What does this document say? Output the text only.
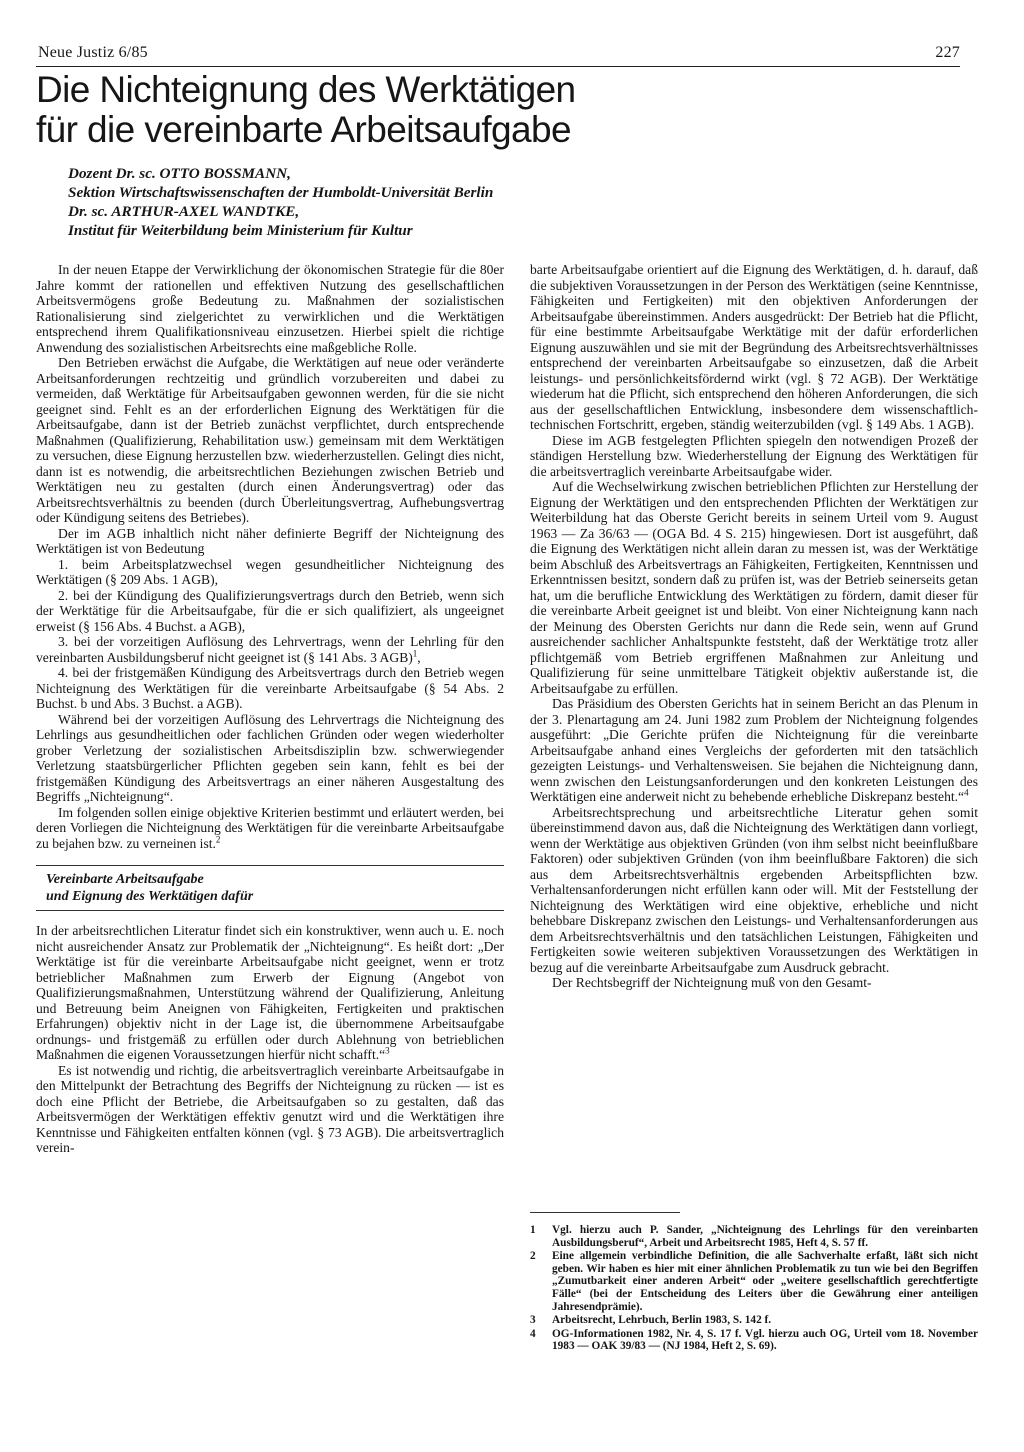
Neue Justiz 6/85	227
Die Nichteignung des Werktätigen
für die vereinbarte Arbeitsaufgabe
Dozent Dr. sc. OTTO BOSSMANN,
Sektion Wirtschaftswissenschaften der Humboldt-Universität Berlin
Dr. sc. ARTHUR-AXEL WANDTKE,
Institut für Weiterbildung beim Ministerium für Kultur

In der neuen Etappe der Verwirklichung der ökonomischen Strategie für die 80er Jahre kommt der rationellen und effektiven Nutzung des gesellschaftlichen Arbeitsvermögens große Bedeutung zu. Maßnahmen der sozialistischen Rationalisierung sind zielgerichtet zu verwirklichen und die Werktätigen entsprechend ihrem Qualifikationsniveau einzusetzen. Hierbei spielt die richtige Anwendung des sozialistischen Arbeitsrechts eine maßgebliche Rolle.

Den Betrieben erwächst die Aufgabe, die Werktätigen auf neue oder veränderte Arbeitsanforderungen rechtzeitig und gründlich vorzubereiten und dabei zu vermeiden, daß Werktätige für Arbeitsaufgaben gewonnen werden, für die sie nicht geeignet sind. Fehlt es an der erforderlichen Eignung des Werktätigen für die Arbeitsaufgabe, dann ist der Betrieb zunächst verpflichtet, durch entsprechende Maßnahmen (Qualifizierung, Rehabilitation usw.) gemeinsam mit dem Werktätigen zu versuchen, diese Eignung herzustellen bzw. wiederherzustellen. Gelingt dies nicht, dann ist es notwendig, die arbeitsrechtlichen Beziehungen zwischen Betrieb und Werktätigen neu zu gestalten (durch einen Änderungsvertrag) oder das Arbeitsrechtsverhältnis zu beenden (durch Überleitungsvertrag, Aufhebungsvertrag oder Kündigung seitens des Betriebes).

Der im AGB inhaltlich nicht näher definierte Begriff der Nichteignung des Werktätigen ist von Bedeutung

1. beim Arbeitsplatzwechsel wegen gesundheitlicher Nichteignung des Werktätigen (§ 209 Abs. 1 AGB),

2. bei der Kündigung des Qualifizierungsvertrags durch den Betrieb, wenn sich der Werktätige für die Arbeitsaufgabe, für die er sich qualifiziert, als ungeeignet erweist (§ 156 Abs. 4 Buchst. a AGB),

3. bei der vorzeitigen Auflösung des Lehrvertrags, wenn der Lehrling für den vereinbarten Ausbildungsberuf nicht geeignet ist (§ 141 Abs. 3 AGB)$^1$,

4. bei der fristgemäßen Kündigung des Arbeitsvertrags durch den Betrieb wegen Nichteignung des Werktätigen für die vereinbarte Arbeitsaufgabe (§ 54 Abs. 2 Buchst. b und Abs. 3 Buchst. a AGB).

Während bei der vorzeitigen Auflösung des Lehrvertrags die Nichteignung des Lehrlings aus gesundheitlichen oder fachlichen Gründen oder wegen wiederholter grober Verletzung der sozialistischen Arbeitsdisziplin bzw. schwerwiegender Verletzung staatsbürgerlicher Pflichten gegeben sein kann, fehlt es bei der fristgemäßen Kündigung des Arbeitsvertrags an einer näheren Ausgestaltung des Begriffs „Nichteignung“.

Im folgenden sollen einige objektive Kriterien bestimmt und erläutert werden, bei deren Vorliegen die Nichteignung des Werktätigen für die vereinbarte Arbeitsaufgabe zu bejahen bzw. zu verneinen ist.$^2$

Vereinbarte Arbeitsaufgabe
und Eignung des Werktätigen dafür

In der arbeitsrechtlichen Literatur findet sich ein konstruktiver, wenn auch u. E. noch nicht ausreichender Ansatz zur Problematik der „Nichteignung“. Es heißt dort: „Der Werktätige ist für die vereinbarte Arbeitsaufgabe nicht geeignet, wenn er trotz betrieblicher Maßnahmen zum Erwerb der Eignung (Angebot von Qualifizierungsmaßnahmen, Unterstützung während der Qualifizierung, Anleitung und Betreuung beim Aneignen von Fähigkeiten, Fertigkeiten und praktischen Erfahrungen) objektiv nicht in der Lage ist, die übernommene Arbeitsaufgabe ordnungs- und fristgemäß zu erfüllen oder durch Ablehnung von betrieblichen Maßnahmen die eigenen Voraussetzungen hierfür nicht schafft.“$^3$

Es ist notwendig und richtig, die arbeitsvertraglich vereinbarte Arbeitsaufgabe in den Mittelpunkt der Betrachtung des Begriffs der Nichteignung zu rücken — ist es doch eine Pflicht der Betriebe, die Arbeitsaufgaben so zu gestalten, daß das Arbeitsvermögen der Werktätigen effektiv genutzt wird und die Werktätigen ihre Kenntnisse und Fähigkeiten entfalten können (vgl. § 73 AGB). Die arbeitsvertraglich verein-

barte Arbeitsaufgabe orientiert auf die Eignung des Werktätigen, d. h. darauf, daß die subjektiven Voraussetzungen in der Person des Werktätigen (seine Kenntnisse, Fähigkeiten und Fertigkeiten) mit den objektiven Anforderungen der Arbeitsaufgabe übereinstimmen. Anders ausgedrückt: Der Betrieb hat die Pflicht, für eine bestimmte Arbeitsaufgabe Werktätige mit der dafür erforderlichen Eignung auszuwählen und sie mit der Begründung des Arbeitsrechtsverhältnisses entsprechend der vereinbarten Arbeitsaufgabe so einzusetzen, daß die Arbeit leistungs- und persönlichkeitsfördernd wirkt (vgl. § 72 AGB). Der Werktätige wiederum hat die Pflicht, sich entsprechend den höheren Anforderungen, die sich aus der gesellschaftlichen Entwicklung, insbesondere dem wissenschaftlich-technischen Fortschritt, ergeben, ständig weiterzubilden (vgl. § 149 Abs. 1 AGB).

Diese im AGB festgelegten Pflichten spiegeln den notwendigen Prozeß der ständigen Herstellung bzw. Wiederherstellung der Eignung des Werktätigen für die arbeitsvertraglich vereinbarte Arbeitsaufgabe wider.

Auf die Wechselwirkung zwischen betrieblichen Pflichten zur Herstellung der Eignung der Werktätigen und den entsprechenden Pflichten der Werktätigen zur Weiterbildung hat das Oberste Gericht bereits in seinem Urteil vom 9. August 1963 — Za 36/63 — (OGA Bd. 4 S. 215) hingewiesen. Dort ist ausgeführt, daß die Eignung des Werktätigen nicht allein daran zu messen ist, was der Werktätige beim Abschluß des Arbeitsvertrags an Fähigkeiten, Fertigkeiten, Kenntnissen und Erkenntnissen besitzt, sondern daß zu prüfen ist, was der Betrieb seinerseits getan hat, um die berufliche Entwicklung des Werktätigen zu fördern, damit dieser für die vereinbarte Arbeit geeignet ist und bleibt. Von einer Nichteignung kann nach der Meinung des Obersten Gerichts nur dann die Rede sein, wenn auf Grund ausreichender sachlicher Anhaltspunkte feststeht, daß der Werktätige trotz aller pflichtgemäß vom Betrieb ergriffenen Maßnahmen zur Anleitung und Qualifizierung für seine unmittelbare Tätigkeit objektiv außerstande ist, die Arbeitsaufgabe zu erfüllen.

Das Präsidium des Obersten Gerichts hat in seinem Bericht an das Plenum in der 3. Plenartagung am 24. Juni 1982 zum Problem der Nichteignung folgendes ausgeführt: „Die Gerichte prüfen die Nichteignung für die vereinbarte Arbeitsaufgabe anhand eines Vergleichs der geforderten mit den tatsächlich gezeigten Leistungs- und Verhaltensweisen. Sie bejahen die Nichteignung dann, wenn zwischen den Leistungsanforderungen und den konkreten Leistungen des Werktätigen eine anderweit nicht zu behebende erhebliche Diskrepanz besteht.“$^4$

Arbeitsrechtsprechung und arbeitsrechtliche Literatur gehen somit übereinstimmend davon aus, daß die Nichteignung des Werktätigen dann vorliegt, wenn der Werktätige aus objektiven Gründen (von ihm selbst nicht beeinflußbare Faktoren) oder subjektiven Gründen (von ihm beeinflußbare Faktoren) die sich aus dem Arbeitsrechtsverhältnis ergebenden Arbeitspflichten bzw. Verhaltensanforderungen nicht erfüllen kann oder will. Mit der Feststellung der Nichteignung des Werktätigen wird eine objektive, erhebliche und nicht behebbare Diskrepanz zwischen den Leistungs- und Verhaltensanforderungen aus dem Arbeitsrechtsverhältnis und den tatsächlichen Leistungen, Fähigkeiten und Fertigkeiten sowie weiteren subjektiven Voraussetzungen des Werktätigen in bezug auf die vereinbarte Arbeitsaufgabe zum Ausdruck gebracht.

Der Rechtsbegriff der Nichteignung muß von den Gesamt-

1	Vgl. hierzu auch P. Sander, „Nichteignung des Lehrlings für den vereinbarten Ausbildungsberuf“, Arbeit und Arbeitsrecht 1985, Heft 4, S. 57 ff.
2	Eine allgemein verbindliche Definition, die alle Sachverhalte erfaßt, läßt sich nicht geben. Wir haben es hier mit einer ähnlichen Problematik zu tun wie bei den Begriffen „Zumutbarkeit einer anderen Arbeit“ oder „weitere gesellschaftlich gerechtfertigte Fälle“ (bei der Entscheidung des Leiters über die Gewährung einer anteiligen Jahresendprämie).
3	Arbeitsrecht, Lehrbuch, Berlin 1983, S. 142 f.
4	OG-Informationen 1982, Nr. 4, S. 17 f. Vgl. hierzu auch OG, Urteil vom 18. November 1983 — OAK 39/83 — (NJ 1984, Heft 2, S. 69).
